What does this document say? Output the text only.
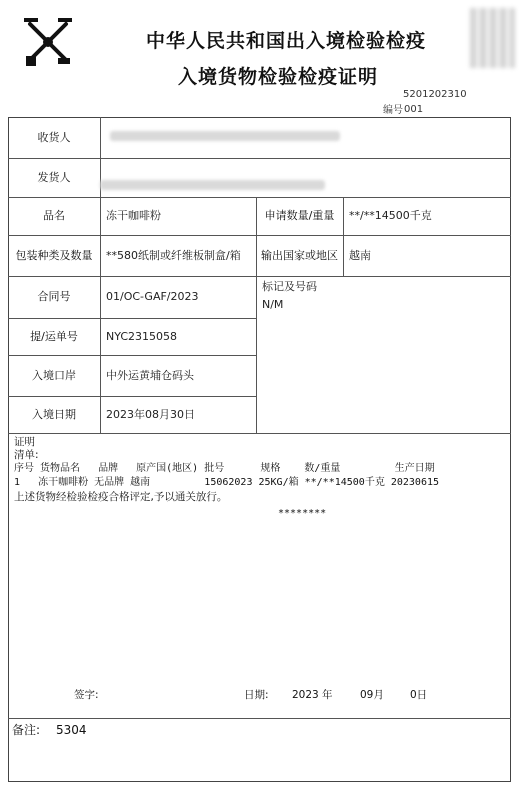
中华人民共和国出入境检验检疫
入境货物检验检疫证明
5201202310
编号 001
收货人
发货人
品名	冻干咖啡粉	申请数量/重量	**/**14500千克
包装种类及数量	**580纸制或纤维板制盒/箱	输出国家或地区	越南
合同号	01/OC-GAF/2023
标记及号码
N/M
提/运单号	NYC2315058
入境口岸	中外运黄埔仓码头
入境日期	2023年08月30日
证明
清单:
序号 货物品名   品牌   原产国(地区) 批号      规格    数/重量         生产日期
1   冻干咖啡粉 无品牌 越南         15062023 25KG/箱 **/**14500千克 20230615
上述货物经检验检疫合格评定,予以通关放行。
********
签字:	日期: 2023 年	09月 0日
备注: 5304
